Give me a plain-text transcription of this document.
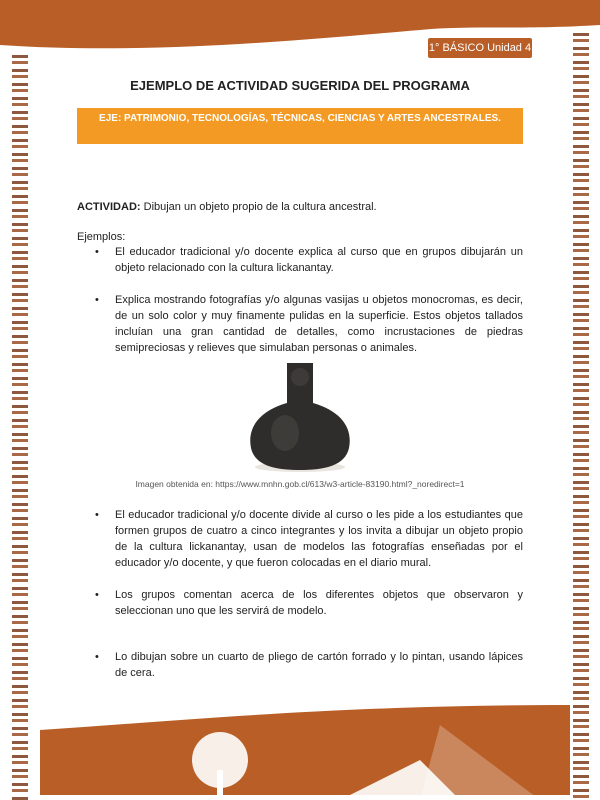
1° BÁSICO Unidad 4
EJEMPLO DE ACTIVIDAD SUGERIDA DEL PROGRAMA
EJE: PATRIMONIO, TECNOLOGÍAS, TÉCNICAS, CIENCIAS Y ARTES ANCESTRALES.
ACTIVIDAD: Dibujan un objeto propio de la cultura ancestral.
Ejemplos:
• El educador tradicional y/o docente explica al curso que en grupos dibujarán un objeto relacionado con la cultura lickanantay.
• Explica mostrando fotografías y/o algunas vasijas u objetos monocromas, es decir, de un solo color y muy finamente pulidas en la superficie. Estos objetos tallados incluían una gran cantidad de detalles, como incrustaciones de piedras semipreciosas y relieves que simulaban personas o animales.
Imagen obtenida en: https://www.mnhn.gob.cl/613/w3-article-83190.html?_noredirect=1
• El educador tradicional y/o docente divide al curso o les pide a los estudiantes que formen grupos de cuatro a cinco integrantes y los invita a dibujar un objeto propio de la cultura lickanantay, usan de modelos las fotografías enseñadas por el educador y/o docente, y que fueron colocadas en el diario mural.
• Los grupos comentan acerca de los diferentes objetos que observaron y seleccionan uno que les servirá de modelo.
• Lo dibujan sobre un cuarto de pliego de cartón forrado y lo pintan, usando lápices de cera.
